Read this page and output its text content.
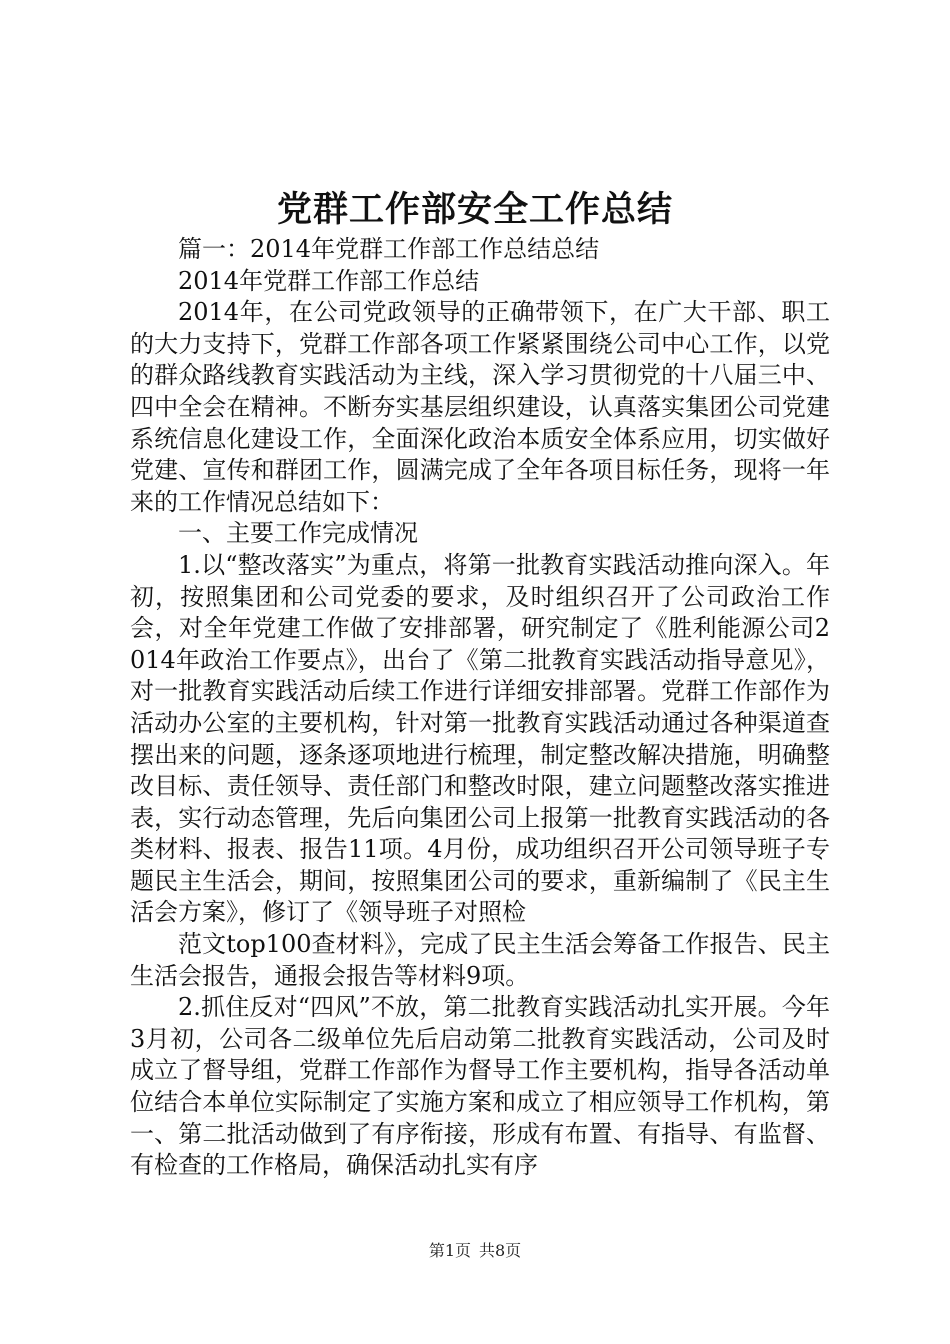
党群工作部安全工作总结

篇一：2014年党群工作部工作总结总结

2014年党群工作部工作总结

2014年，在公司党政领导的正确带领下，在广大干部、职工的大力支持下，党群工作部各项工作紧紧围绕公司中心工作，以党的群众路线教育实践活动为主线，深入学习贯彻党的十八届三中、四中全会在精神。不断夯实基层组织建设，认真落实集团公司党建系统信息化建设工作，全面深化政治本质安全体系应用，切实做好党建、宣传和群团工作，圆满完成了全年各项目标任务，现将一年来的工作情况总结如下：

一、主要工作完成情况

1.以“整改落实”为重点，将第一批教育实践活动推向深入。年初，按照集团和公司党委的要求，及时组织召开了公司政治工作会，对全年党建工作做了安排部署，研究制定了《胜利能源公司2014年政治工作要点》，出台了《第二批教育实践活动指导意见》，对一批教育实践活动后续工作进行详细安排部署。党群工作部作为活动办公室的主要机构，针对第一批教育实践活动通过各种渠道查摆出来的问题，逐条逐项地进行梳理，制定整改解决措施，明确整改目标、责任领导、责任部门和整改时限，建立问题整改落实推进表，实行动态管理，先后向集团公司上报第一批教育实践活动的各类材料、报表、报告11项。4月份，成功组织召开公司领导班子专题民主生活会，期间，按照集团公司的要求，重新编制了《民主生活会方案》，修订了《领导班子对照检

范文top100查材料》，完成了民主生活会筹备工作报告、民主生活会报告，通报会报告等材料9项。

2.抓住反对“四风”不放，第二批教育实践活动扎实开展。今年3月初，公司各二级单位先后启动第二批教育实践活动，公司及时成立了督导组，党群工作部作为督导工作主要机构，指导各活动单位结合本单位实际制定了实施方案和成立了相应领导工作机构，第一、第二批活动做到了有序衔接，形成有布置、有指导、有监督、有检查的工作格局，确保活动扎实有序

第1页 共8页
